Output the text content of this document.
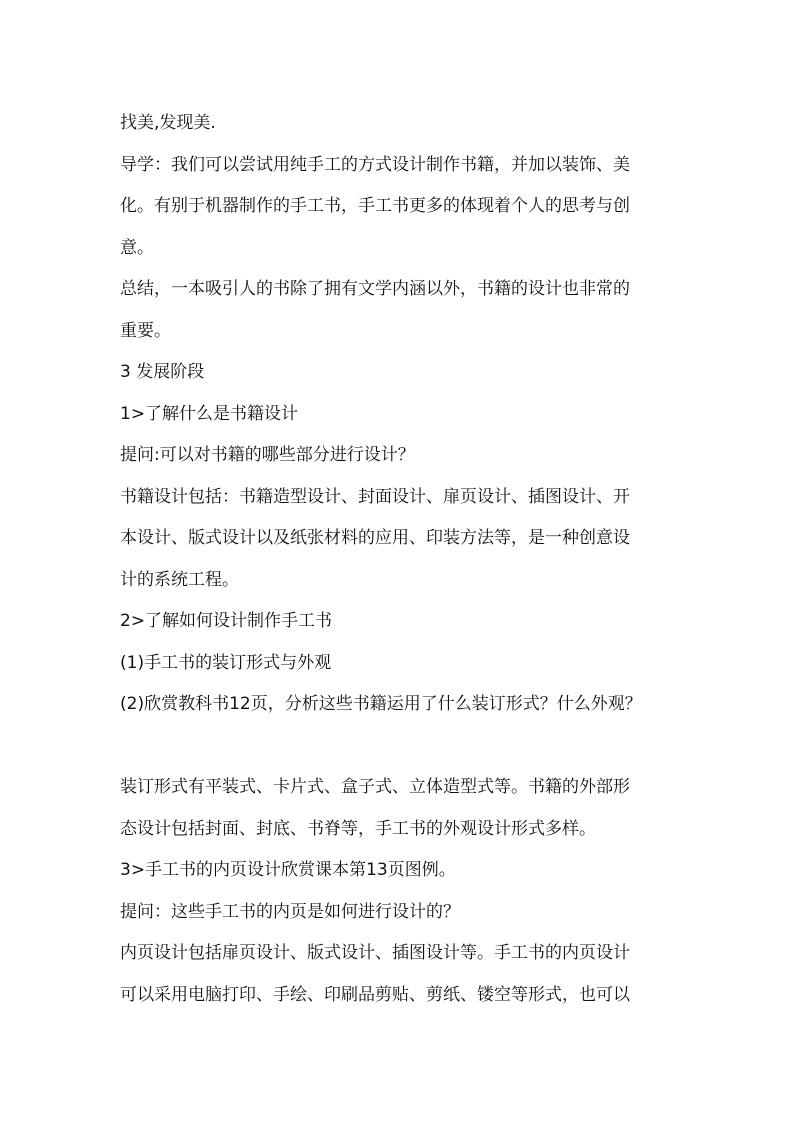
找美,发现美.
导学：我们可以尝试用纯手工的方式设计制作书籍，并加以装饰、美
化。有别于机器制作的手工书，手工书更多的体现着个人的思考与创
意。
总结，一本吸引人的书除了拥有文学内涵以外，书籍的设计也非常的
重要。
3 发展阶段
1>了解什么是书籍设计
提问:可以对书籍的哪些部分进行设计？
书籍设计包括：书籍造型设计、封面设计、扉页设计、插图设计、开
本设计、版式设计以及纸张材料的应用、印装方法等，是一种创意设
计的系统工程。
2>了解如何设计制作手工书
(1)手工书的装订形式与外观
(2)欣赏教科书12页，分析这些书籍运用了什么装订形式？什么外观？
装订形式有平装式、卡片式、盒子式、立体造型式等。书籍的外部形
态设计包括封面、封底、书脊等，手工书的外观设计形式多样。
3>手工书的内页设计欣赏课本第13页图例。
提问：这些手工书的内页是如何进行设计的？
内页设计包括扉页设计、版式设计、插图设计等。手工书的内页设计
可以采用电脑打印、手绘、印刷品剪贴、剪纸、镂空等形式，也可以
